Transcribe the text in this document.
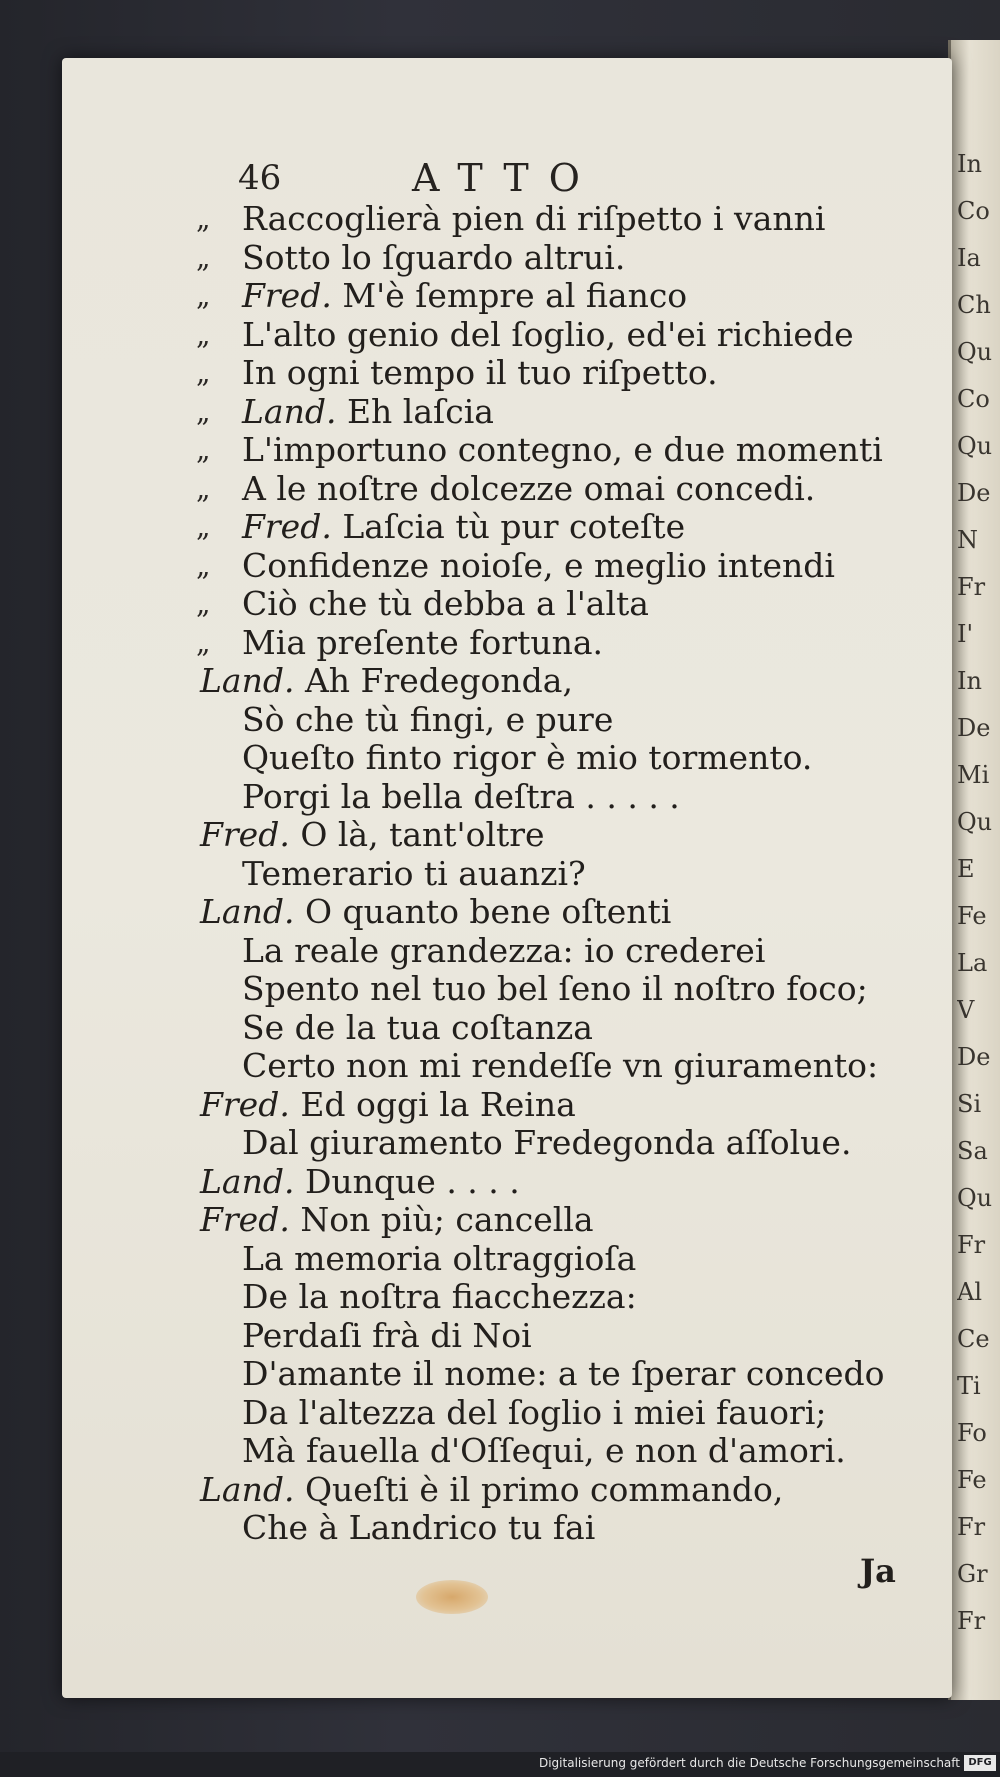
In
Co
Ia
Ch
Qu
Co
Qu
De
N
Fr
I'
In
De
Mi
Qu
E
Fe
La
V
De
Si
Sa
Qu
Fr
Al
Ce
Ti
Fo
Fe
Fr
Gr
Fr
46	ATTO
„ Raccoglierà pien di riſpetto i vanni
„ Sotto lo ſguardo altrui.
„ Fred. M'è ſempre al fianco
„ L'alto genio del ſoglio, ed'ei richiede
„ In ogni tempo il tuo riſpetto.
„ Land. Eh laſcia
„ L'importuno contegno, e due momenti
„ A le noſtre dolcezze omai concedi.
„ Fred. Laſcia tù pur coteſte
„ Confidenze noioſe, e meglio intendi
„ Ciò che tù debba a l'alta
„ Mia preſente fortuna.
Land. Ah Fredegonda,
Sò che tù fingi, e pure
Queſto finto rigor è mio tormento.
Porgi la bella deſtra . . . . .
Fred. O là, tant'oltre
Temerario ti auanzi?
Land. O quanto bene oſtenti
La reale grandezza: io crederei
Spento nel tuo bel ſeno il noſtro foco;
Se de la tua coſtanza
Certo non mi rendeſſe vn giuramento:
Fred. Ed oggi la Reina
Dal giuramento Fredegonda aſſolue.
Land. Dunque . . . .
Fred. Non più; cancella
La memoria oltraggioſa
De la noſtra fiacchezza:
Perdaſi frà di Noi
D'amante il nome: a te ſperar concedo
Da l'altezza del ſoglio i miei fauori;
Mà fauella d'Oſſequi, e non d'amori.
Land. Queſti è il primo commando,
Che à Landrico tu fai
Ja
Digitalisierung gefördert durch die Deutsche Forschungsgemeinschaft DFG
